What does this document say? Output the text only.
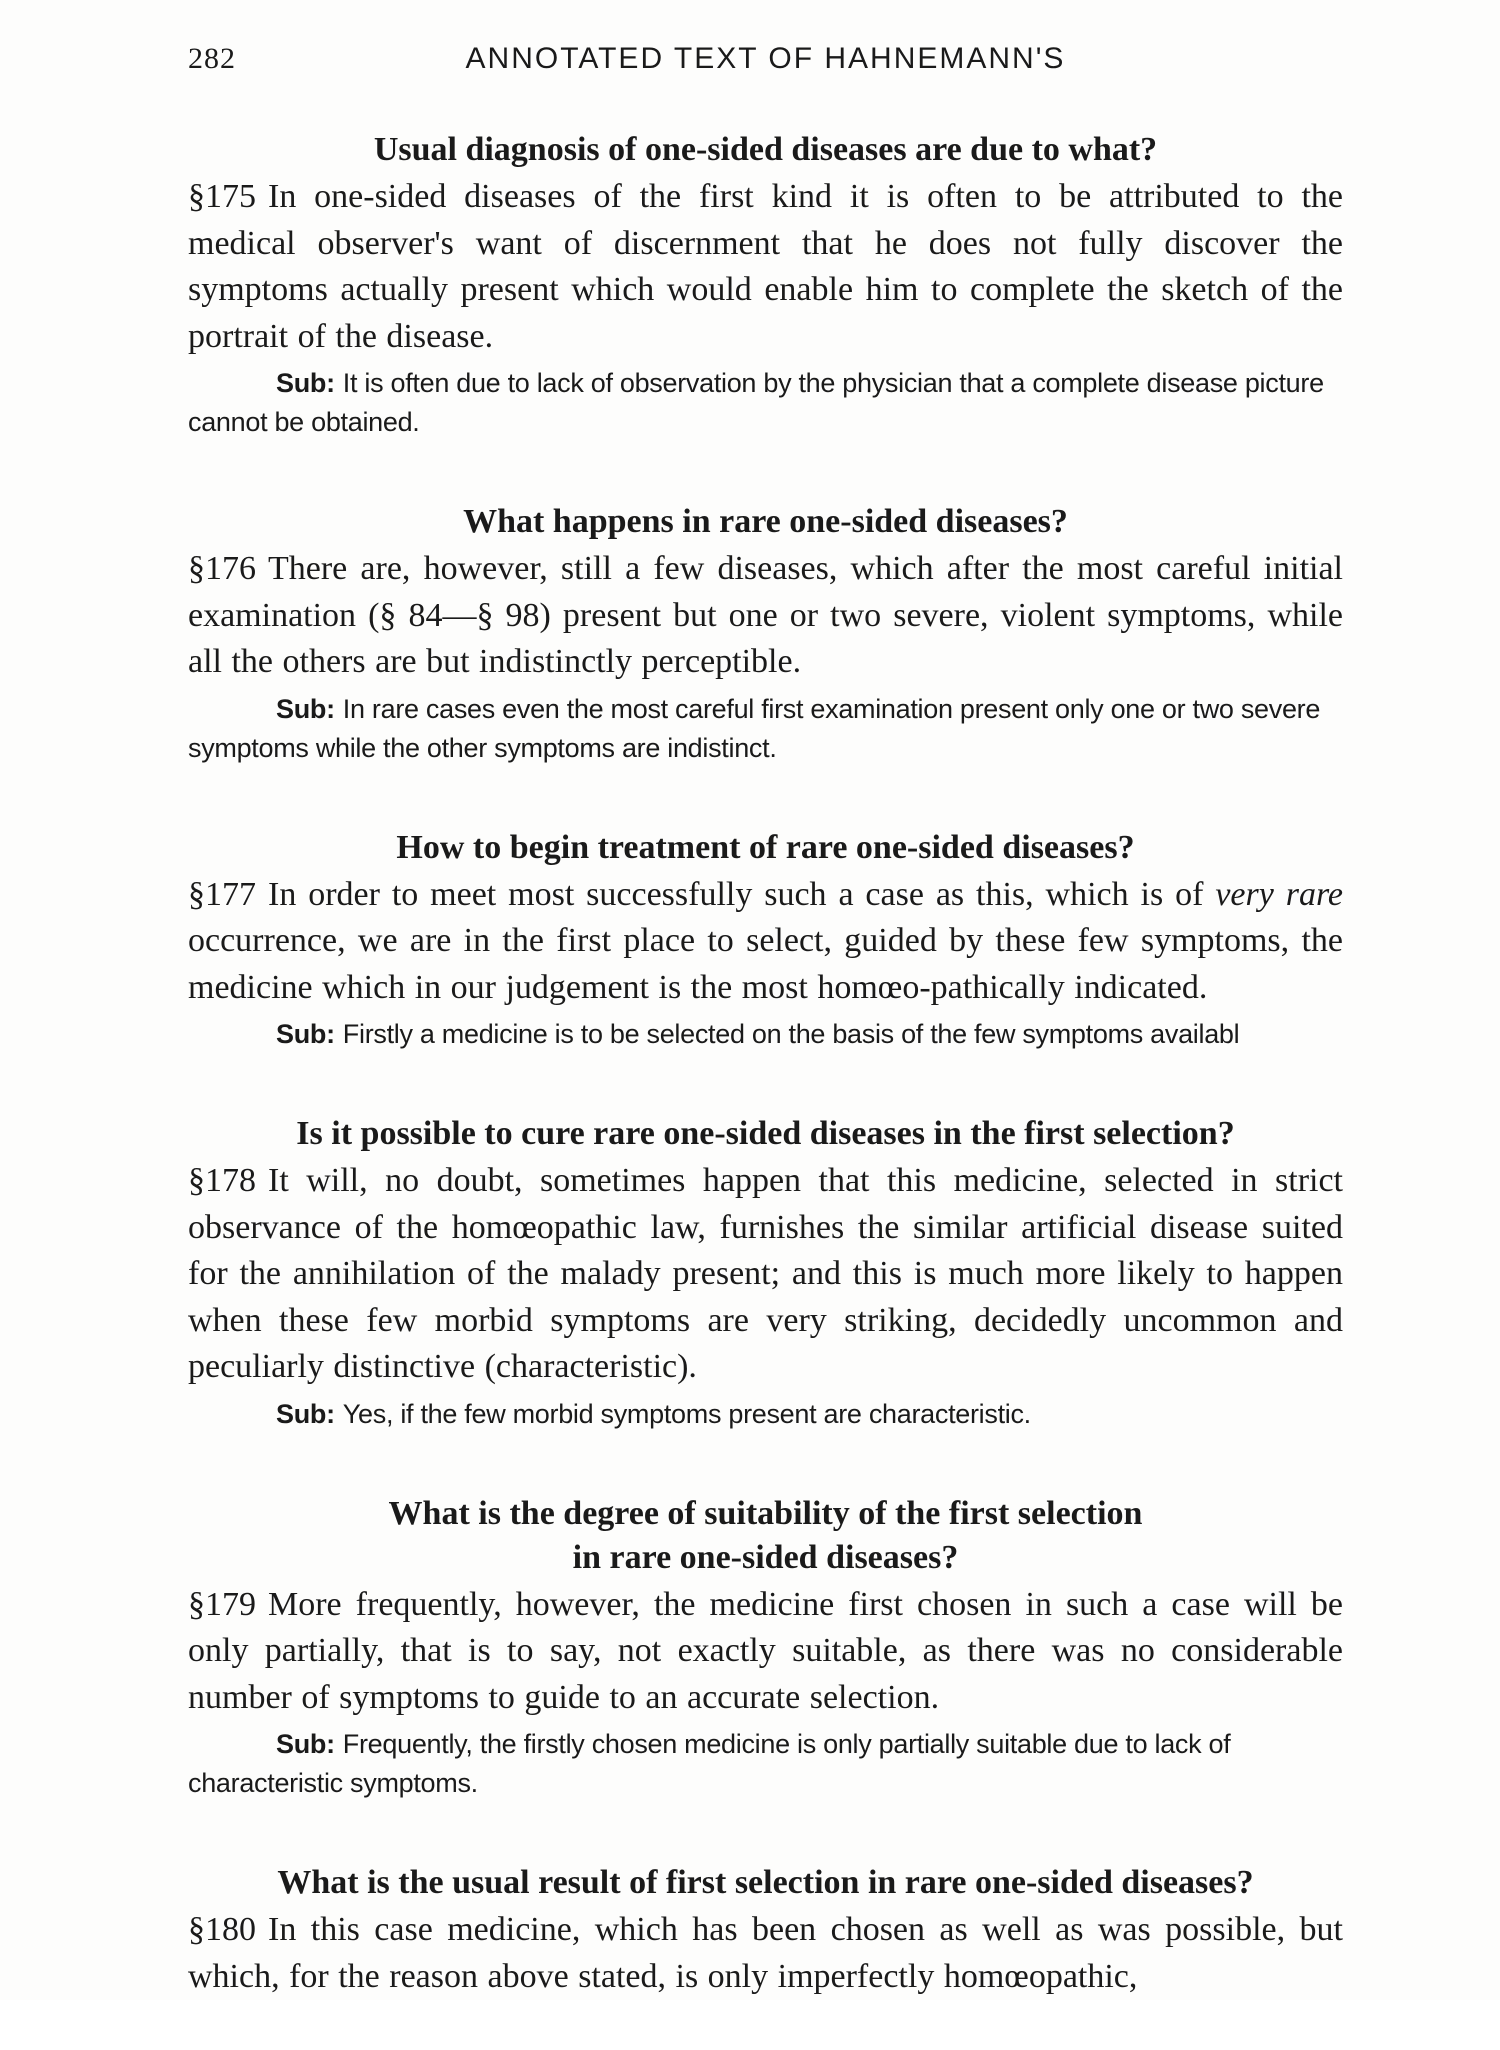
282	ANNOTATED TEXT OF HAHNEMANN'S
Usual diagnosis of one-sided diseases are due to what?

§175 In one-sided diseases of the first kind it is often to be attributed to the medical observer's want of discernment that he does not fully discover the symptoms actually present which would enable him to complete the sketch of the portrait of the disease.

Sub: It is often due to lack of observation by the physician that a complete disease picture cannot be obtained.

What happens in rare one-sided diseases?

§176 There are, however, still a few diseases, which after the most careful initial examination (§ 84—§ 98) present but one or two severe, violent symptoms, while all the others are but indistinctly perceptible.

Sub: In rare cases even the most careful first examination present only one or two severe symptoms while the other symptoms are indistinct.

How to begin treatment of rare one-sided diseases?

§177 In order to meet most successfully such a case as this, which is of very rare occurrence, we are in the first place to select, guided by these few symptoms, the medicine which in our judgement is the most homœo-pathically indicated.

Sub: Firstly a medicine is to be selected on the basis of the few symptoms availabl

Is it possible to cure rare one-sided diseases in the first selection?

§178 It will, no doubt, sometimes happen that this medicine, selected in strict observance of the homœopathic law, furnishes the similar artificial disease suited for the annihilation of the malady present; and this is much more likely to happen when these few morbid symptoms are very striking, decidedly uncommon and peculiarly distinctive (characteristic).

Sub: Yes, if the few morbid symptoms present are characteristic.

What is the degree of suitability of the first selection
in rare one-sided diseases?

§179 More frequently, however, the medicine first chosen in such a case will be only partially, that is to say, not exactly suitable, as there was no considerable number of symptoms to guide to an accurate selection.

Sub: Frequently, the firstly chosen medicine is only partially suitable due to lack of characteristic symptoms.

What is the usual result of first selection in rare one-sided diseases?

§180 In this case medicine, which has been chosen as well as was possible, but which, for the reason above stated, is only imperfectly homœopathic,
